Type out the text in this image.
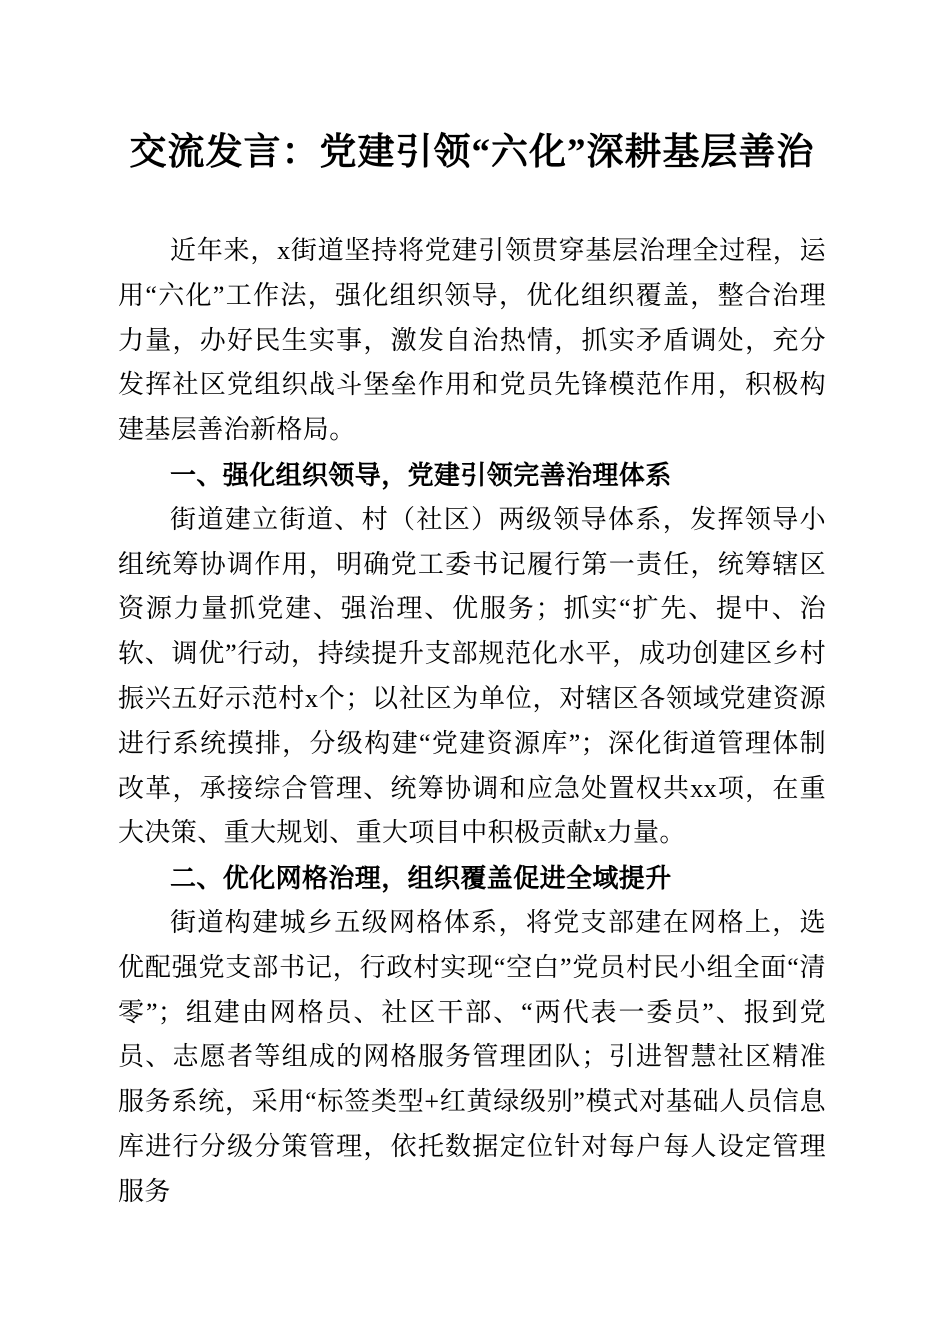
交流发言：党建引领“六化”深耕基层善治

近年来，x街道坚持将党建引领贯穿基层治理全过程，运用“六化”工作法，强化组织领导，优化组织覆盖，整合治理力量，办好民生实事，激发自治热情，抓实矛盾调处，充分发挥社区党组织战斗堡垒作用和党员先锋模范作用，积极构建基层善治新格局。

一、强化组织领导，党建引领完善治理体系

街道建立街道、村（社区）两级领导体系，发挥领导小组统筹协调作用，明确党工委书记履行第一责任，统筹辖区资源力量抓党建、强治理、优服务；抓实“扩先、提中、治软、调优”行动，持续提升支部规范化水平，成功创建区乡村振兴五好示范村x个；以社区为单位，对辖区各领域党建资源进行系统摸排，分级构建“党建资源库”；深化街道管理体制改革，承接综合管理、统筹协调和应急处置权共xx项，在重大决策、重大规划、重大项目中积极贡献x力量。

二、优化网格治理，组织覆盖促进全域提升

街道构建城乡五级网格体系，将党支部建在网格上，选优配强党支部书记，行政村实现“空白”党员村民小组全面“清零”；组建由网格员、社区干部、“两代表一委员”、报到党员、志愿者等组成的网格服务管理团队；引进智慧社区精准服务系统，采用“标签类型+红黄绿级别”模式对基础人员信息库进行分级分策管理，依托数据定位针对每户每人设定管理服务
